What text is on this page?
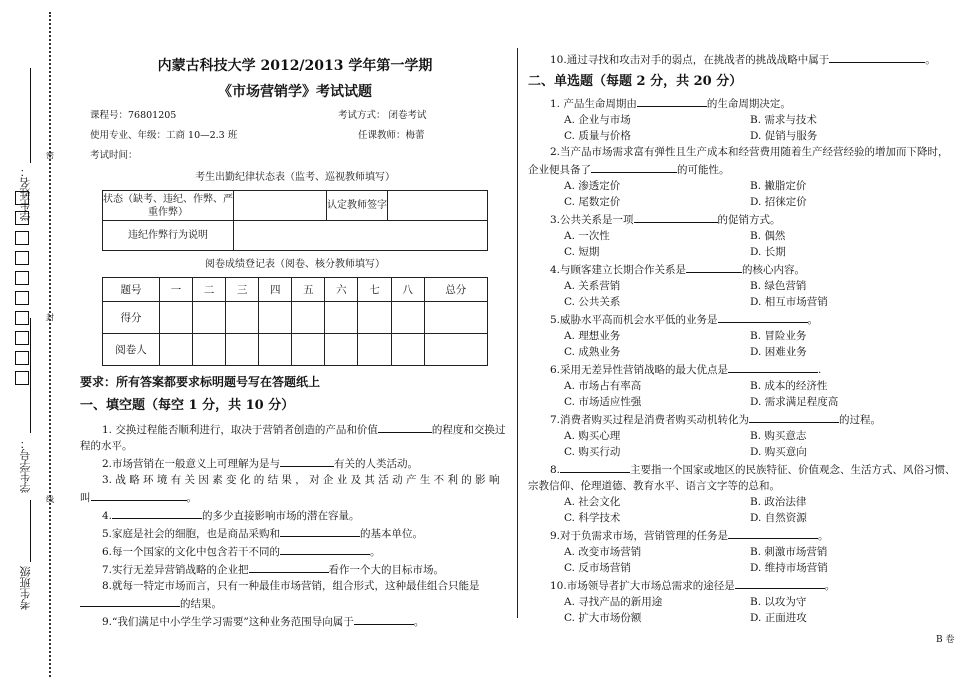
学生姓名：
学生学号：
考生班级
密
封
线
内蒙古科技大学 2012/2013 学年第一学期
《市场营销学》考试试题
课程号：76801205	考试方式： 闭卷考试
使用专业、年级：工商 10—2.3 班	任课教师：梅蕾
考试时间：
考生出勤纪律状态表（监考、巡视教师填写）
状态（缺考、违纪、作弊、严重作弊）		认定教师签字	
违纪作弊行为说明			
阅卷成绩登记表（阅卷、核分教师填写）
题号	一	二	三	四	五	六	七	八	总分
得分									
阅卷人									
要求：所有答案都要求标明题号写在答题纸上
一、填空题（每空 1 分，共 10 分）
1. 交换过程能否顺利进行，取决于营销者创造的产品和价值	的程度和交换过程的水平。
2.市场营销在一般意义上可理解为是与	有关的人类活动。
3. 战 略 环 境 有 关 因 素 变 化 的 结 果 ， 对 企 业 及 其 活 动 产 生 不 利 的 影 响 叫	。
4.	的多少直接影响市场的潜在容量。
5.家庭是社会的细胞，也是商品采购和	的基本单位。
6.每一个国家的文化中包含若干不同的	。
7.实行无差异营销战略的企业把	看作一个大的目标市场。
8.就每一特定市场而言，只有一种最佳市场营销，组合形式，这种最佳组合只能是的结果。
9.“我们满足中小学生学习需要”这种业务范围导向属于	。
10.通过寻找和攻击对手的弱点，在挑战者的挑战战略中属于	。
二、单选题（每题 2 分，共 20 分）
1. 产品生命周期由	的生命周期决定。
A. 企业与市场	B. 需求与技术
C. 质量与价格	D. 促销与服务
2.当产品市场需求富有弹性且生产成本和经营费用随着生产经营经验的增加而下降时，企业便具备了	的可能性。
A. 渗透定价	B. 撇脂定价
C. 尾数定价	D. 招徕定价
3.公共关系是一项	的促销方式。
A. 一次性	B. 偶然
C. 短期	D. 长期
4.与顾客建立长期合作关系是	的核心内容。
A. 关系营销	B. 绿色营销
C. 公共关系	D. 相互市场营销
5.威胁水平高而机会水平低的业务是	。
A. 理想业务	B. 冒险业务
C. 成熟业务	D. 困难业务
6.采用无差异性营销战略的最大优点是	.
A. 市场占有率高	B. 成本的经济性
C. 市场适应性强	D. 需求满足程度高
7.消费者购买过程是消费者购买动机转化为	的过程。
A. 购买心理	B. 购买意志
C. 购买行动	D. 购买意向
8.	主要指一个国家或地区的民族特征、价值观念、生活方式、风俗习惯、宗教信仰、伦理道德、教育水平、语言文字等的总和。
A. 社会文化	B. 政治法律
C. 科学技术	D. 自然资源
9.对于负需求市场，营销管理的任务是	。
A. 改变市场营销	B. 刺激市场营销
C. 反市场营销	D. 维持市场营销
10.市场领导者扩大市场总需求的途径是	。
A. 寻找产品的新用途	B. 以攻为守
C. 扩大市场份额	D. 正面进攻
B 卷
